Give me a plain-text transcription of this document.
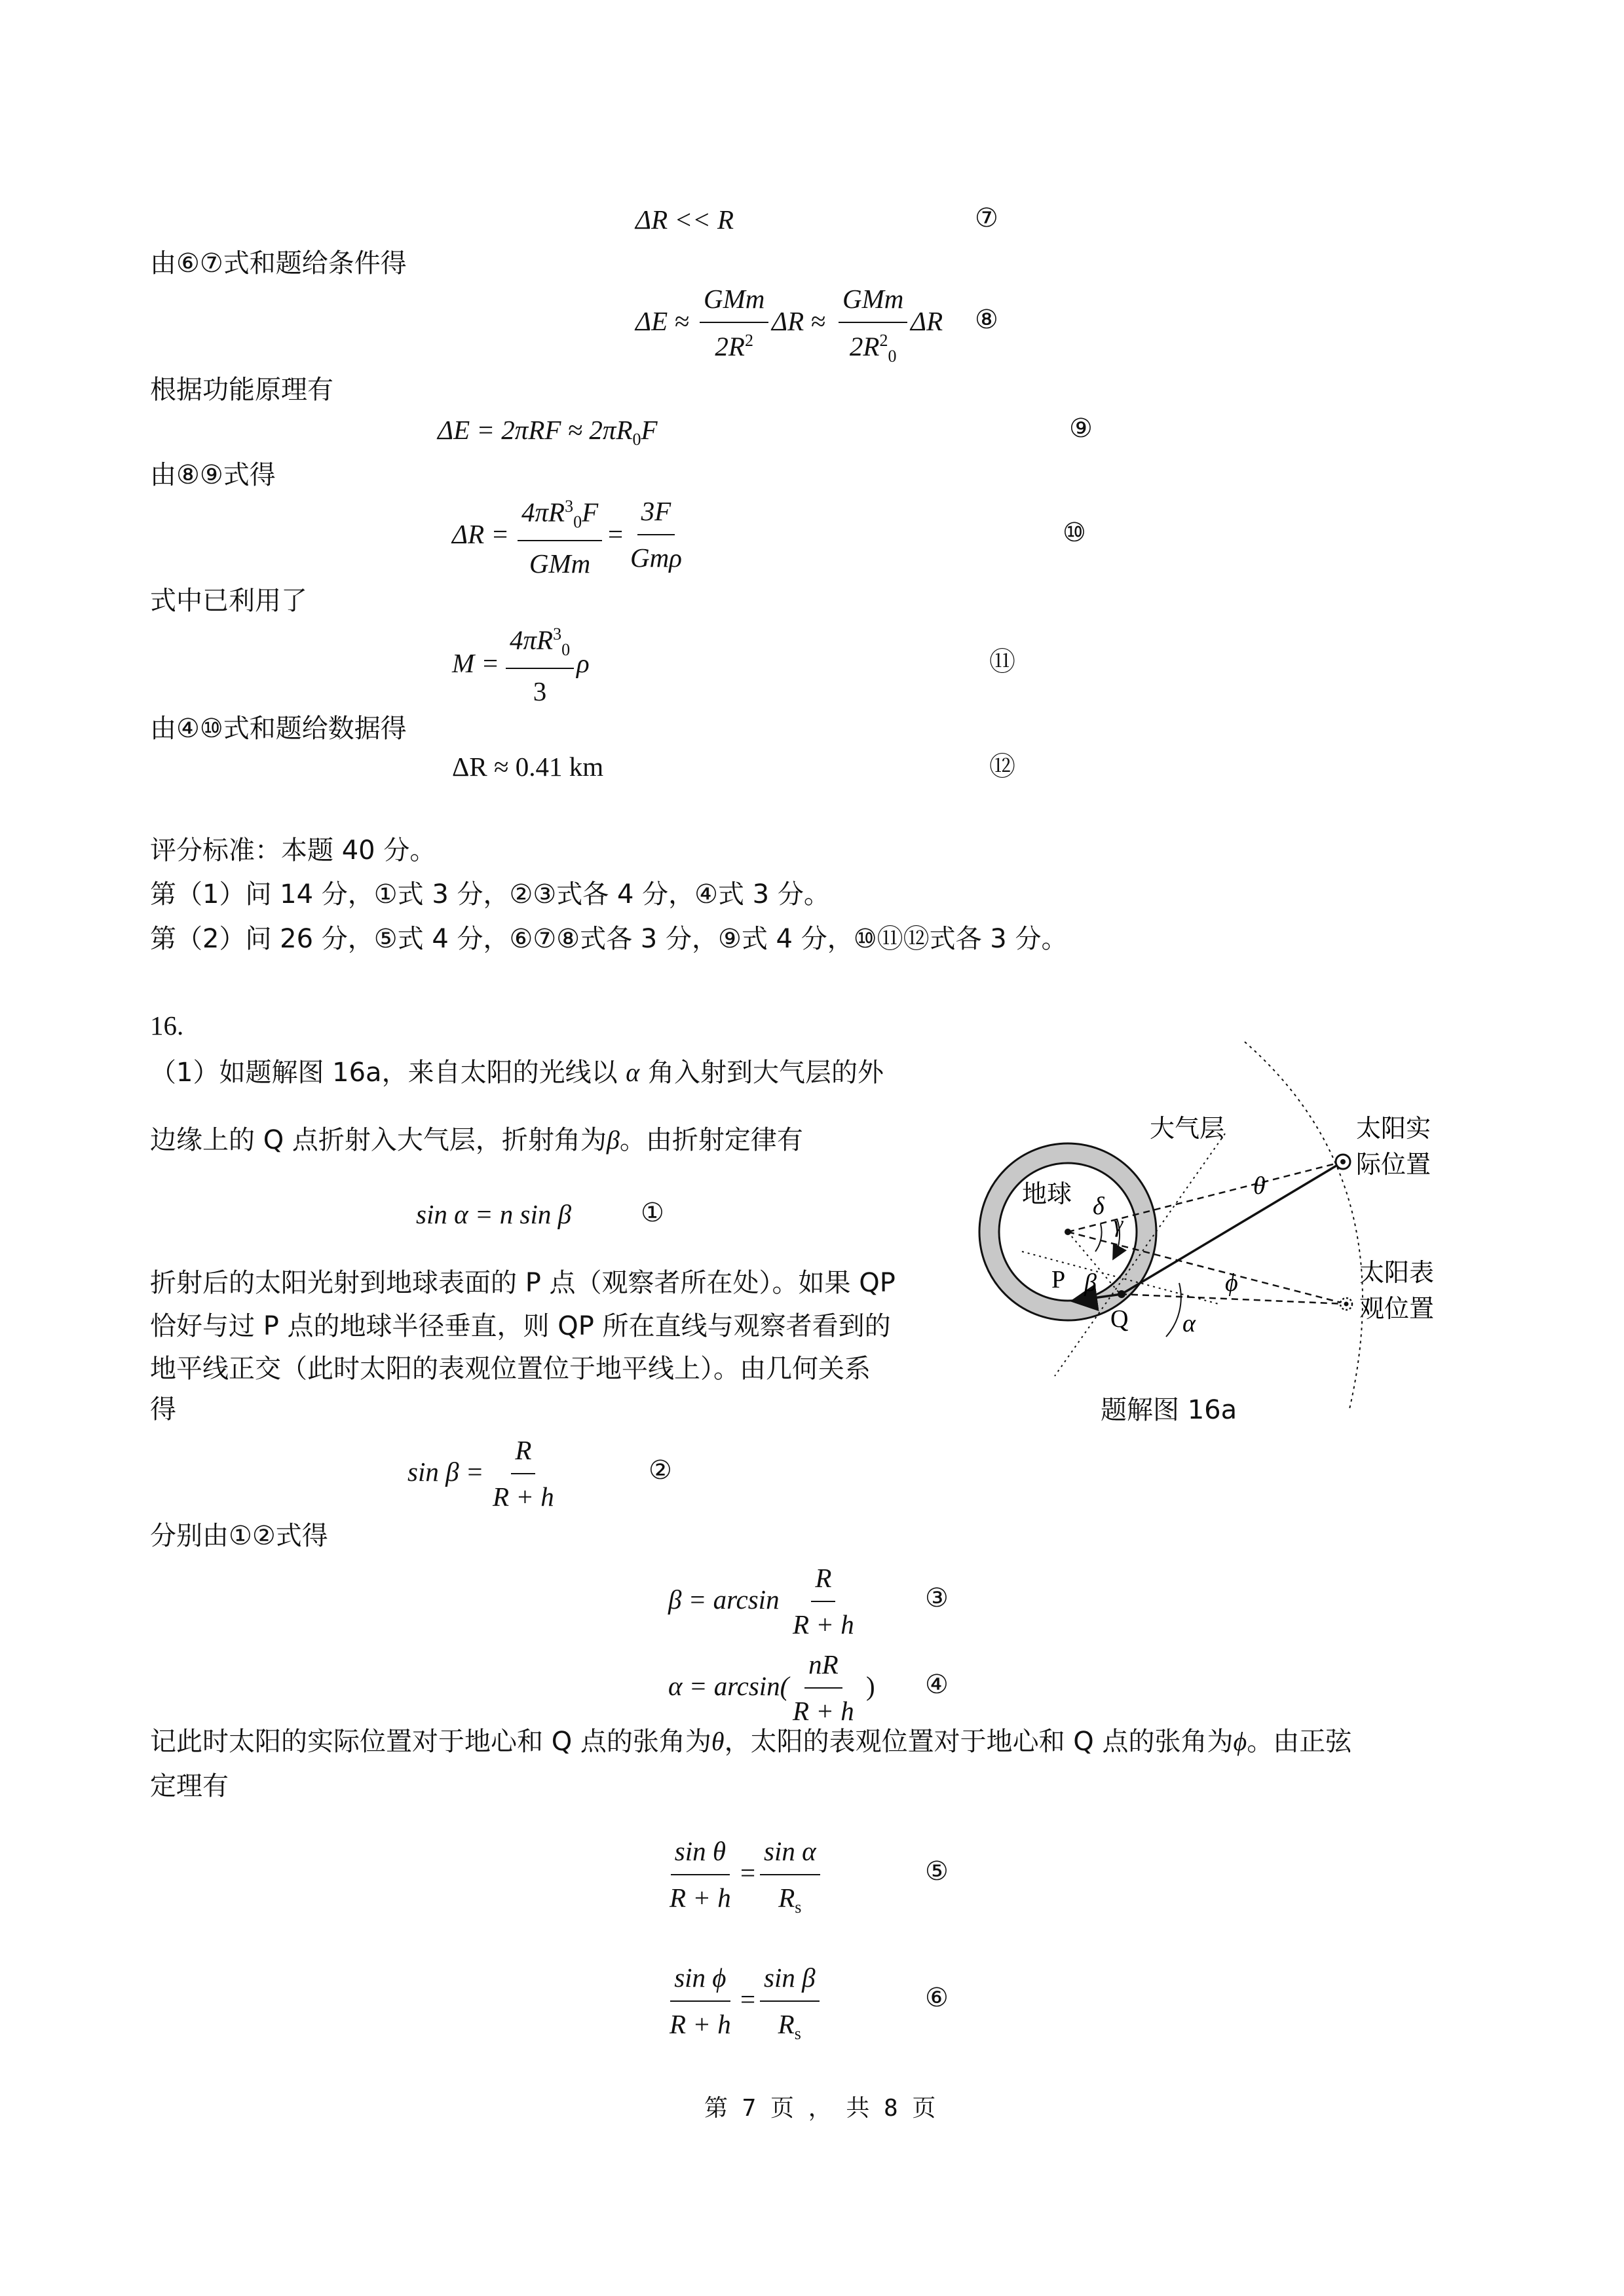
ΔR << R	⑦
由⑥⑦式和题给条件得
ΔE ≈
GMm
$2R^2$
ΔR ≈
GMm
$2R^2_0$
ΔR ⑧
根据功能原理有
$\Delta E = 2\pi RF \approx 2\pi R_0F$	⑨
由⑧⑨式得
ΔR =
$4\pi R^3_0F$
GMm
=
3F
Gmρ
⑩
式中已利用了
$M = \frac{4\pi R^3_0}{3}$ ρ	⑪
由④⑩式和题给数据得
ΔR ≈ 0.41 km	⑫
评分标准：本题 40 分。
第（1）问 14 分，①式 3 分，②③式各 4 分，④式 3 分。
第（2）问 26 分，⑤式 4 分，⑥⑦⑧式各 3 分，⑨式 4 分，⑩⑪⑫式各 3 分。
16.
（1）如题解图 16a，来自太阳的光线以 α 角入射到大气层的外
边缘上的 Q 点折射入大气层，折射角为β。由折射定律有
sin α = n sin β	①
折射后的太阳光射到地球表面的 P 点（观察者所在处）。如果 QP
恰好与过 P 点的地球半径垂直，则 QP 所在直线与观察者看到的
地平线正交（此时太阳的表观位置位于地平线上）。由几何关系
得
$\sin \beta = \frac{R}{R + h}$	②
分别由①②式得
$\beta = \arcsin \frac{R}{R + h}$	③
$\alpha = \arcsin( \frac{nR}{R + h}$ ) ④
记此时太阳的实际位置对于地心和 Q 点的张角为θ，太阳的表观位置对于地心和 Q 点的张角为ϕ。由正弦
定理有
$\frac{\text{sin θ}}{R + h} = \frac{\text{sin α}}{R_s}$	⑤
$\frac{\text{sin ϕ}}{R + h} = \frac{\text{sin β}}{R_s}$	⑥
大气层
地球
太阳实
际位置
太阳表
观位置
P
Q
δ
γ
β
θ
ϕ
α
题解图 16a
第 7 页 ， 共 8 页
